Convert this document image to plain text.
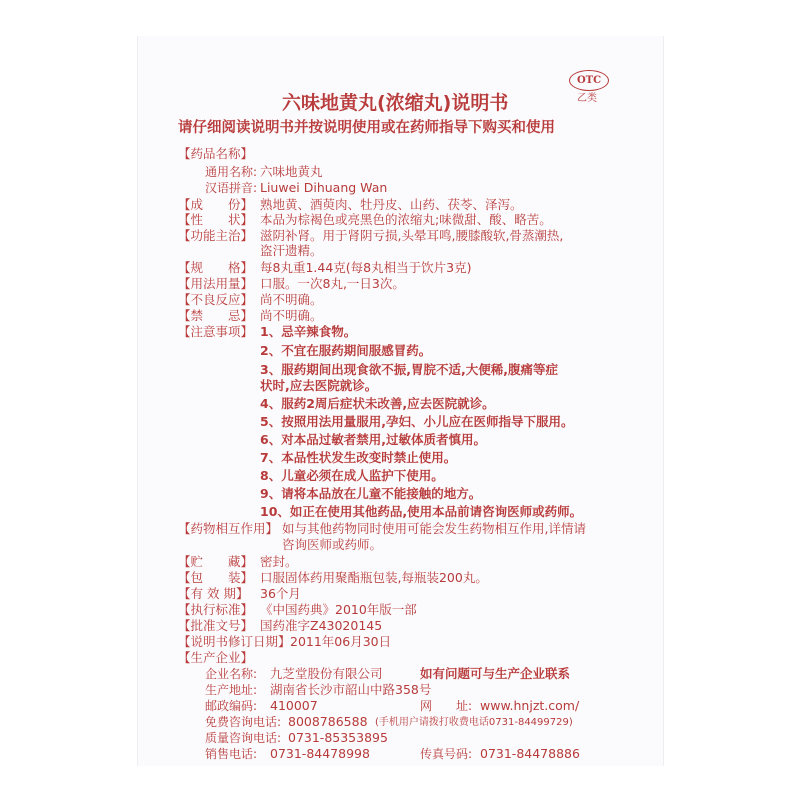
OTC
乙类
六味地黄丸(浓缩丸)说明书
请仔细阅读说明书并按说明使用或在药师指导下购买和使用
【药品名称】
通用名称: 六味地黄丸
汉语拼音: Liuwei Dihuang Wan
【成　　份】 熟地黄、酒萸肉、牡丹皮、山药、茯苓、泽泻。
【性　　状】 本品为棕褐色或亮黑色的浓缩丸;味微甜、酸、略苦。
【功能主治】 滋阴补肾。用于肾阴亏损,头晕耳鸣,腰膝酸软,骨蒸潮热,
盗汗遗精。
【规　　格】 每8丸重1.44克(每8丸相当于饮片3克)
【用法用量】 口服。一次8丸,一日3次。
【不良反应】 尚不明确。
【禁　　忌】 尚不明确。
【注意事项】 1、忌辛辣食物。
2、不宜在服药期间服感冒药。
3、服药期间出现食欲不振,胃脘不适,大便稀,腹痛等症
状时,应去医院就诊。
4、服药2周后症状未改善,应去医院就诊。
5、按照用法用量服用,孕妇、小儿应在医师指导下服用。
6、对本品过敏者禁用,过敏体质者慎用。
7、本品性状发生改变时禁止使用。
8、儿童必须在成人监护下使用。
9、请将本品放在儿童不能接触的地方。
10、如正在使用其他药品,使用本品前请咨询医师或药师。
【药物相互作用】 如与其他药物同时使用可能会发生药物相互作用,详情请
咨询医师或药师。
【贮　　藏】 密封。
【包　　装】 口服固体药用聚酯瓶包装,每瓶装200丸。
【有 效 期】 36个月
【执行标准】 《中国药典》2010年版一部
【批准文号】 国药准字Z43020145
【说明书修订日期】 2011年06月30日
【生产企业】
企业名称: 九芝堂股份有限公司
生产地址: 湖南省长沙市韶山中路358号
邮政编码: 410007
免费咨询电话: 8008786588 (手机用户请拨打收费电话0731-84499729)
质量咨询电话: 0731-85353895
销售电话: 0731-84478998	传真号码: 0731-84478886
网　　址: www.hnjzt.com/
如有问题可与生产企业联系
